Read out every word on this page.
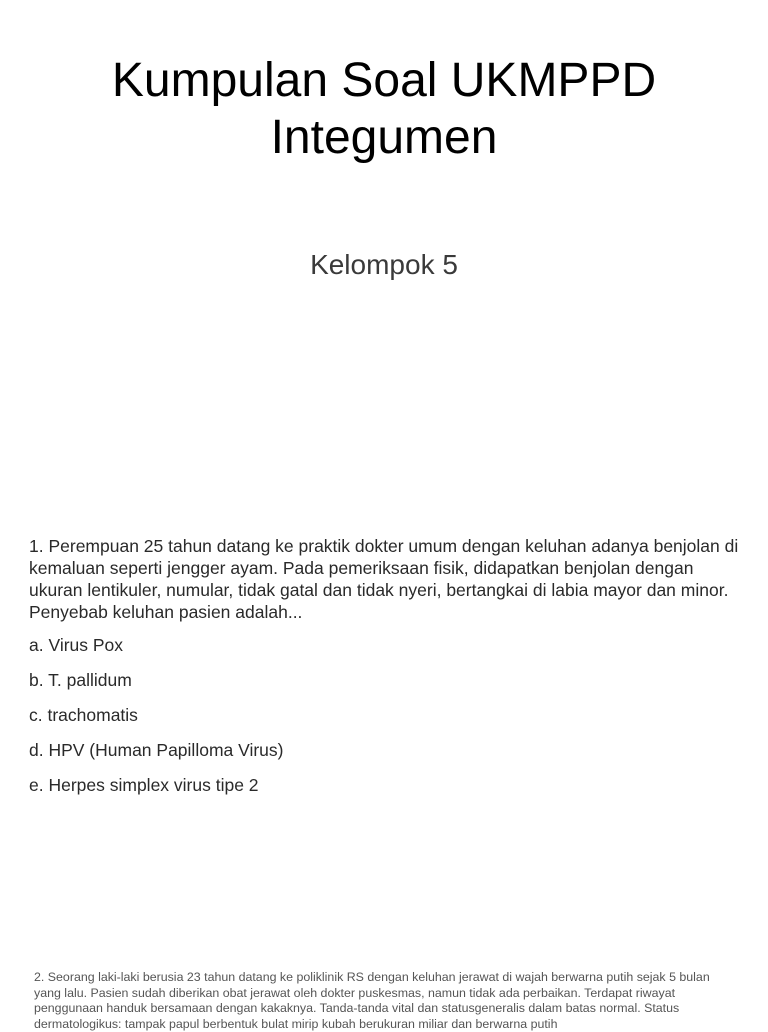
Kumpulan Soal UKMPPD
Integumen

Kelompok 5

1. Perempuan 25 tahun datang ke praktik dokter umum dengan keluhan adanya benjolan di kemaluan seperti jengger ayam. Pada pemeriksaan fisik, didapatkan benjolan dengan ukuran lentikuler, numular, tidak gatal dan tidak nyeri, bertangkai di labia mayor dan minor. Penyebab keluhan pasien adalah...

a. Virus Pox
b. T. pallidum
c. trachomatis
d. HPV (Human Papilloma Virus)
e. Herpes simplex virus tipe 2

2. Seorang laki-laki berusia 23 tahun datang ke poliklinik RS dengan keluhan jerawat di wajah berwarna putih sejak 5 bulan yang lalu. Pasien sudah diberikan obat jerawat oleh dokter puskesmas, namun tidak ada perbaikan. Terdapat riwayat penggunaan handuk bersamaan dengan kakaknya. Tanda-tanda vital dan statusgeneralis dalam batas normal. Status dermatologikus: tampak papul berbentuk bulat mirip kubah berukuran miliar dan berwarna putih
